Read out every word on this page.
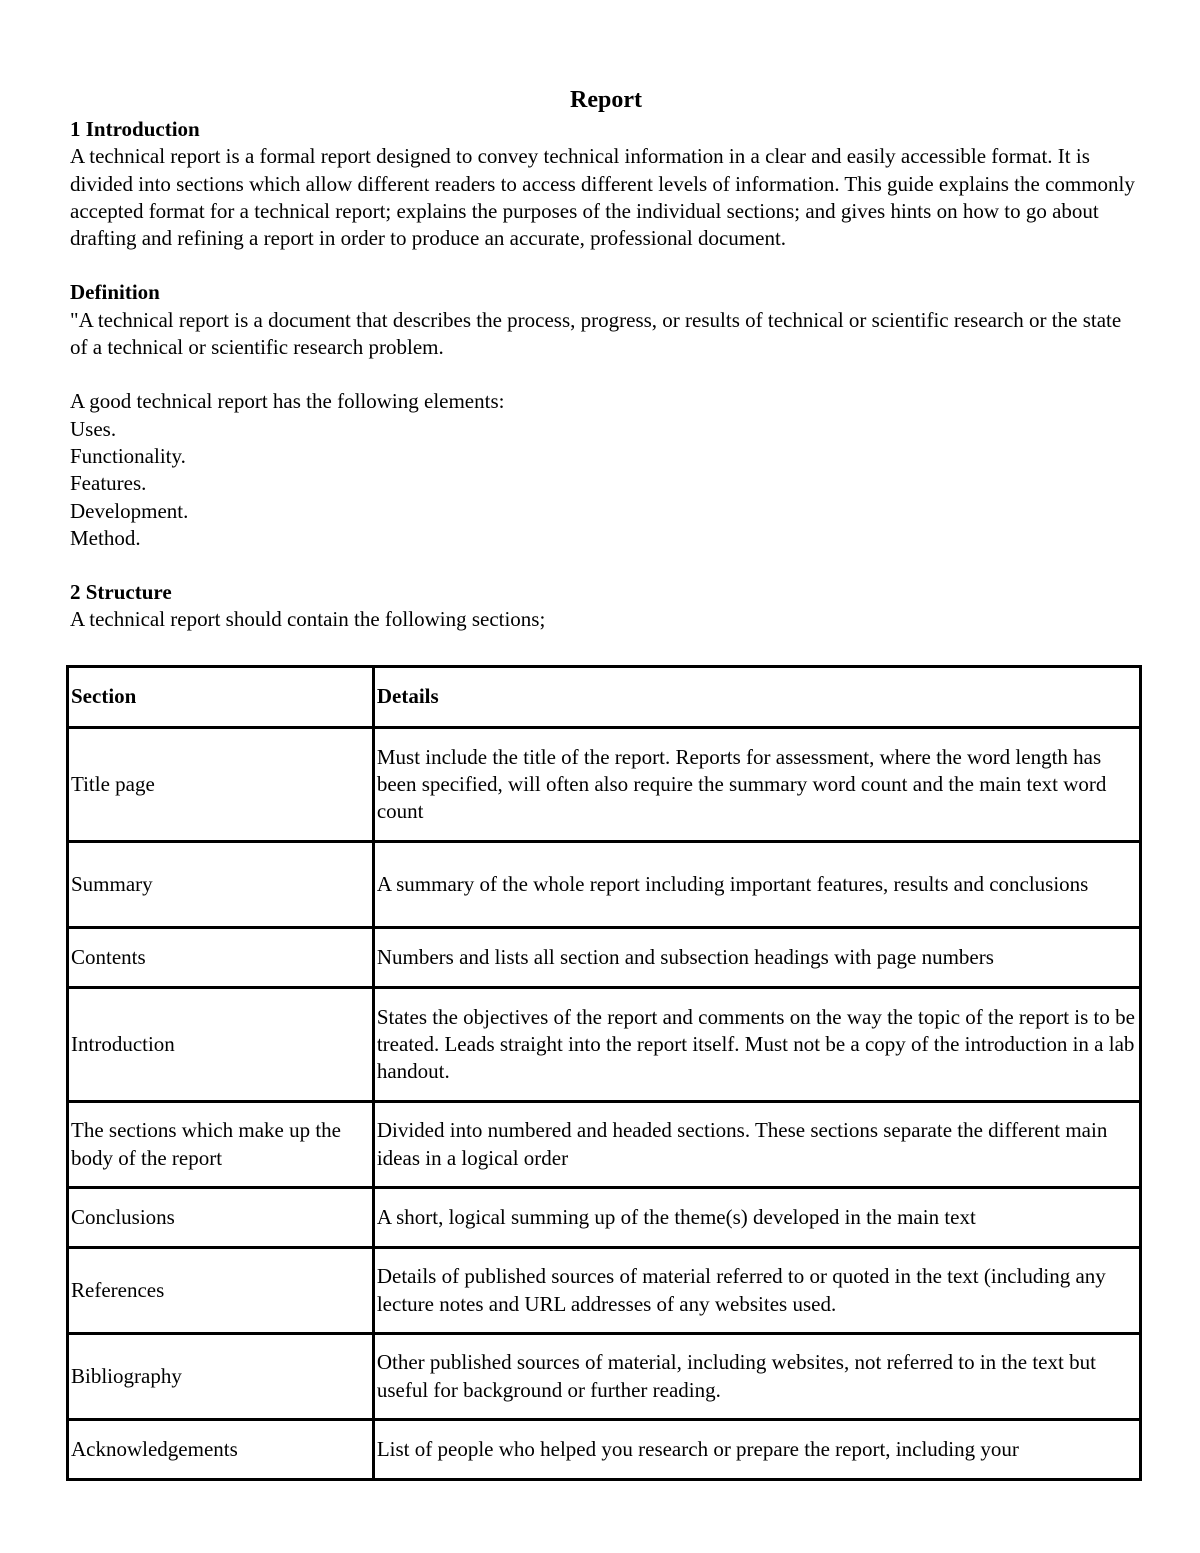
Report

1 Introduction

A technical report is a formal report designed to convey technical information in a clear and easily accessible format. It is divided into sections which allow different readers to access different levels of information. This guide explains the commonly accepted format for a technical report; explains the purposes of the individual sections; and gives hints on how to go about drafting and refining a report in order to produce an accurate, professional document.

Definition

"A technical report is a document that describes the process, progress, or results of technical or scientific research or the state of a technical or scientific research problem.

A good technical report has the following elements:

Uses.
Functionality.
Features.
Development.
Method.

2 Structure

A technical report should contain the following sections;

Section	Details
Title page	Must include the title of the report. Reports for assessment, where the word length has been specified, will often also require the summary word count and the main text word count
Summary	A summary of the whole report including important features, results and conclusions
Contents	Numbers and lists all section and subsection headings with page numbers
Introduction	States the objectives of the report and comments on the way the topic of the report is to be treated. Leads straight into the report itself. Must not be a copy of the introduction in a lab handout.
The sections which make up the body of the report	Divided into numbered and headed sections. These sections separate the different main ideas in a logical order
Conclusions	A short, logical summing up of the theme(s) developed in the main text
References	Details of published sources of material referred to or quoted in the text (including any lecture notes and URL addresses of any websites used.
Bibliography	Other published sources of material, including websites, not referred to in the text but useful for background or further reading.
Acknowledgements	List of people who helped you research or prepare the report, including your
